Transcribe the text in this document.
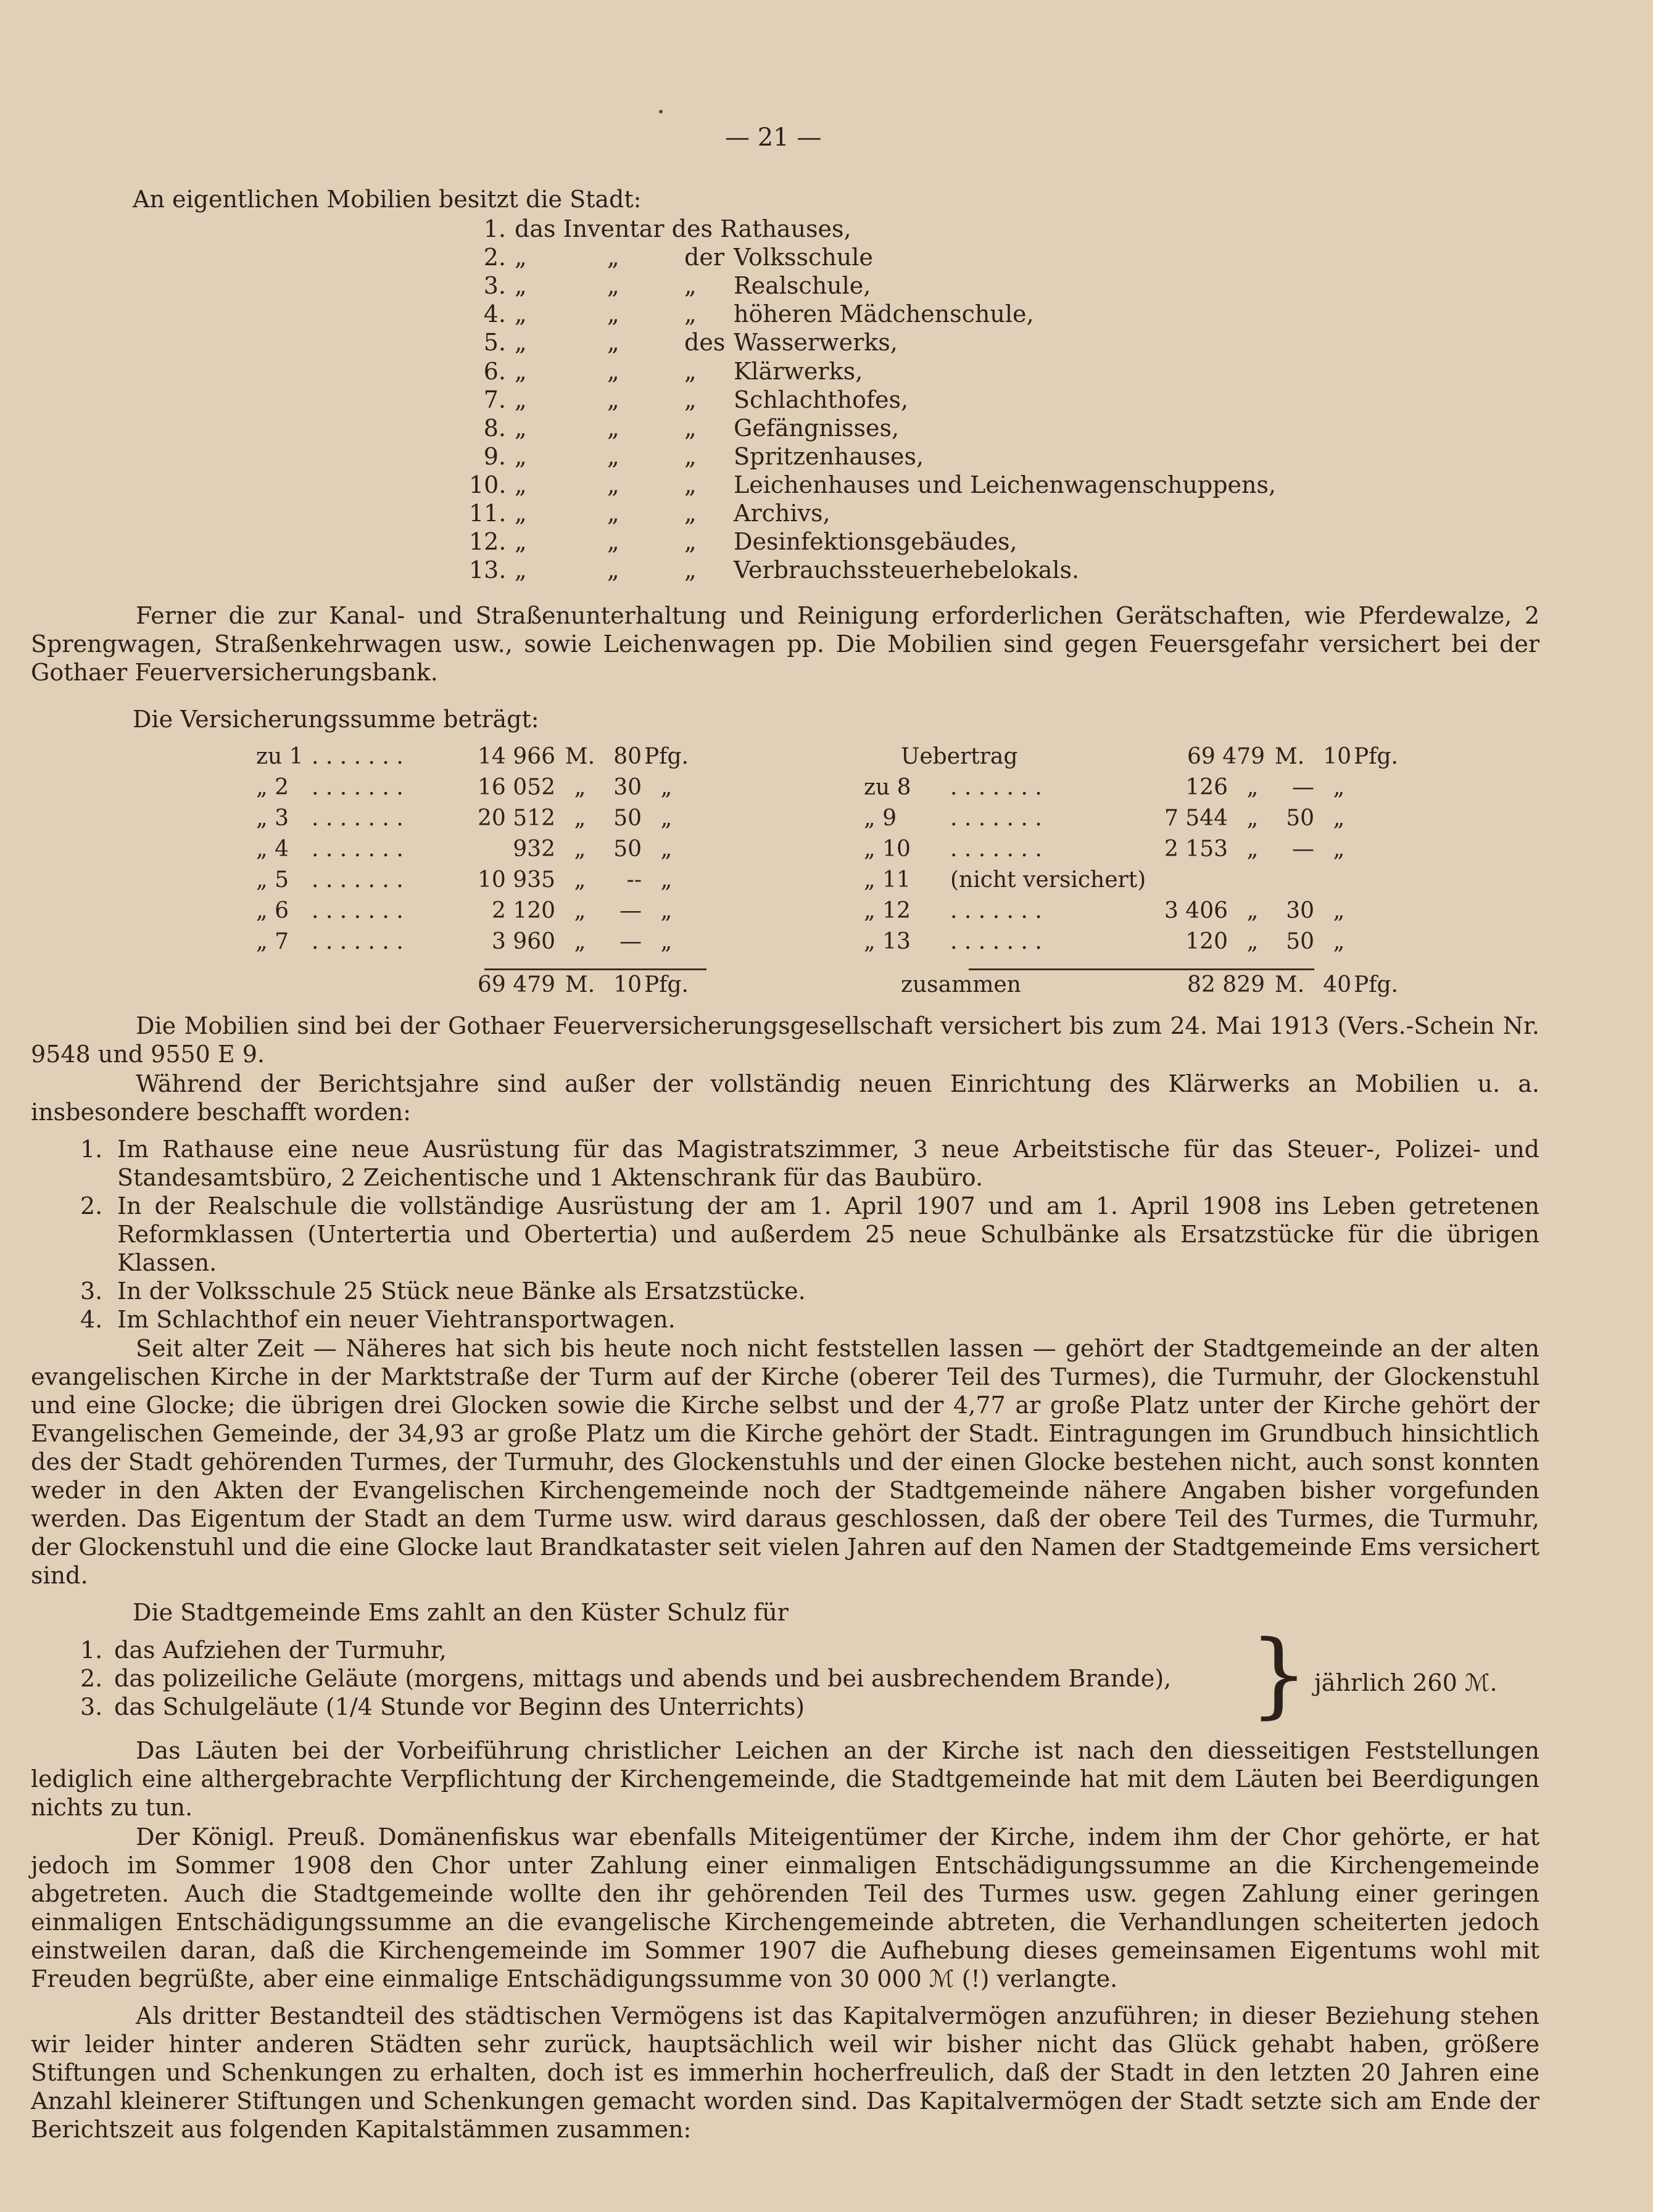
— 21 —
An eigentlichen Mobilien besitzt die Stadt:
1. das Inventar des Rathauses,
2. „	„	der Volksschule
3. „	„	„ Realschule,
4. „	„	„ höheren Mädchenschule,
5. „	„	des Wasserwerks,
6. „	„	„ Klärwerks,
7. „	„	„ Schlachthofes,
8. „	„	„ Gefängnisses,
9. „	„	„ Spritzenhauses,
10. „	„	„ Leichenhauses und Leichenwagenschuppens,
11. „	„	„ Archivs,
12. „	„	„ Desinfektionsgebäudes,
13. „	„	„ Verbrauchssteuerhebelokals.
Ferner die zur Kanal- und Straßenunterhaltung und Reinigung erforderlichen Gerätschaften, wie Pferdewalze, 2 Sprengwagen, Straßenkehrwagen usw., sowie Leichenwagen pp. Die Mobilien sind gegen Feuersgefahr versichert bei der Gothaer Feuerversicherungsbank.
Die Versicherungssumme beträgt:
zu 1 . . . . . . .	14 966 M. 80 Pfg.
„ 2 . . . . . . .	16 052 „ 30 „
„ 3 . . . . . . .	20 512 „ 50 „
„ 4 . . . . . . .	932 „ 50 „
„ 5 . . . . . . .	10 935 „ -- „
„ 6 . . . . . . .	2 120 „ — „
„ 7 . . . . . . .	3 960 „ — „
69 479 M. 10 Pfg.
Uebertrag	69 479 M. 10 Pfg.
zu 8 . . . . . . .	126 „ — „
„ 9 . . . . . . .	7 544 „ 50 „
„ 10 . . . . . . .	2 153 „ — „
„ 11 (nicht versichert)
„ 12 . . . . . . .	3 406 „ 30 „
„ 13 . . . . . . .	120 „ 50 „
zusammen	82 829 M. 40 Pfg.
Die Mobilien sind bei der Gothaer Feuerversicherungsgesellschaft versichert bis zum 24. Mai 1913 (Vers.-Schein Nr. 9548 und 9550 E 9.
Während der Berichtsjahre sind außer der vollständig neuen Einrichtung des Klärwerks an Mobilien u. a. insbesondere beschafft worden:
1. Im Rathause eine neue Ausrüstung für das Magistratszimmer, 3 neue Arbeitstische für das Steuer-, Polizei- und Standesamtsbüro, 2 Zeichentische und 1 Aktenschrank für das Baubüro.
2. In der Realschule die vollständige Ausrüstung der am 1. April 1907 und am 1. April 1908 ins Leben getretenen Reformklassen (Untertertia und Obertertia) und außerdem 25 neue Schulbänke als Ersatzstücke für die übrigen Klassen.
3. In der Volksschule 25 Stück neue Bänke als Ersatzstücke.
4. Im Schlachthof ein neuer Viehtransportwagen.
Seit alter Zeit — Näheres hat sich bis heute noch nicht feststellen lassen — gehört der Stadtgemeinde an der alten evangelischen Kirche in der Marktstraße der Turm auf der Kirche (oberer Teil des Turmes), die Turmuhr, der Glockenstuhl und eine Glocke; die übrigen drei Glocken sowie die Kirche selbst und der 4,77 ar große Platz unter der Kirche gehört der Evangelischen Gemeinde, der 34,93 ar große Platz um die Kirche gehört der Stadt. Eintragungen im Grundbuch hinsichtlich des der Stadt gehörenden Turmes, der Turmuhr, des Glockenstuhls und der einen Glocke bestehen nicht, auch sonst konnten weder in den Akten der Evangelischen Kirchengemeinde noch der Stadtgemeinde nähere Angaben bisher vorgefunden werden. Das Eigentum der Stadt an dem Turme usw. wird daraus geschlossen, daß der obere Teil des Turmes, die Turmuhr, der Glockenstuhl und die eine Glocke laut Brandkataster seit vielen Jahren auf den Namen der Stadtgemeinde Ems versichert sind.
Die Stadtgemeinde Ems zahlt an den Küster Schulz für
1. das Aufziehen der Turmuhr,
2. das polizeiliche Geläute (morgens, mittags und abends und bei ausbrechendem Brande),
3. das Schulgeläute (1/4 Stunde vor Beginn des Unterrichts)	} jährlich 260 ℳ.
Das Läuten bei der Vorbeiführung christlicher Leichen an der Kirche ist nach den diesseitigen Feststellungen lediglich eine althergebrachte Verpflichtung der Kirchengemeinde, die Stadtgemeinde hat mit dem Läuten bei Beerdigungen nichts zu tun.
Der Königl. Preuß. Domänenfiskus war ebenfalls Miteigentümer der Kirche, indem ihm der Chor gehörte, er hat jedoch im Sommer 1908 den Chor unter Zahlung einer einmaligen Entschädigungssumme an die Kirchengemeinde abgetreten. Auch die Stadtgemeinde wollte den ihr gehörenden Teil des Turmes usw. gegen Zahlung einer geringen einmaligen Entschädigungssumme an die evangelische Kirchengemeinde abtreten, die Verhandlungen scheiterten jedoch einstweilen daran, daß die Kirchengemeinde im Sommer 1907 die Aufhebung dieses gemeinsamen Eigentums wohl mit Freuden begrüßte, aber eine einmalige Entschädigungssumme von 30 000 ℳ (!) verlangte.
Als dritter Bestandteil des städtischen Vermögens ist das Kapitalvermögen anzuführen; in dieser Beziehung stehen wir leider hinter anderen Städten sehr zurück, hauptsächlich weil wir bisher nicht das Glück gehabt haben, größere Stiftungen und Schenkungen zu erhalten, doch ist es immerhin hocherfreulich, daß der Stadt in den letzten 20 Jahren eine Anzahl kleinerer Stiftungen und Schenkungen gemacht worden sind. Das Kapitalvermögen der Stadt setzte sich am Ende der Berichtszeit aus folgenden Kapitalstämmen zusammen:
